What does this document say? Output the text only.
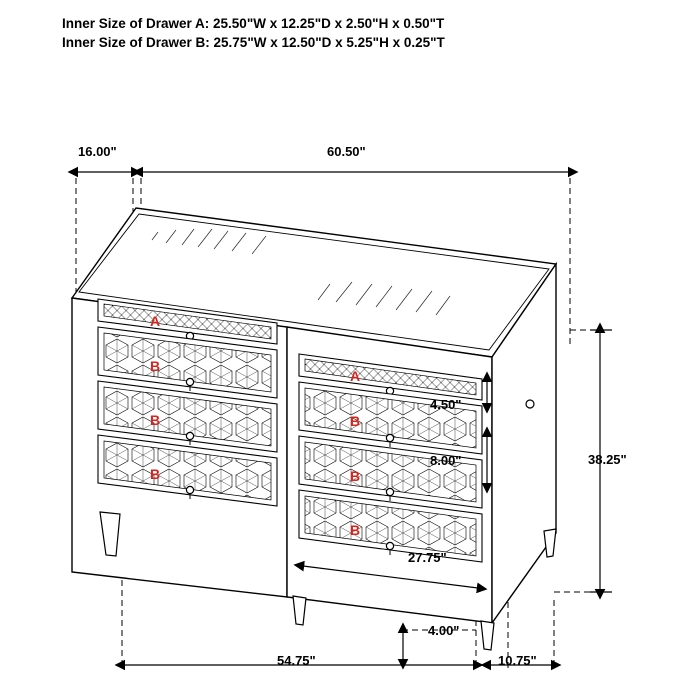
Inner Size of Drawer A: 25.50"W x 12.25"D x 2.50"H x 0.50"T
Inner Size of Drawer B: 25.75"W x 12.50"D x 5.25"H x 0.25"T
16.00"	60.50"
4.50"
8.00"
27.75"
4.00"
38.25"
54.75"	10.75"
A
B
B
B
A
B
B
B
